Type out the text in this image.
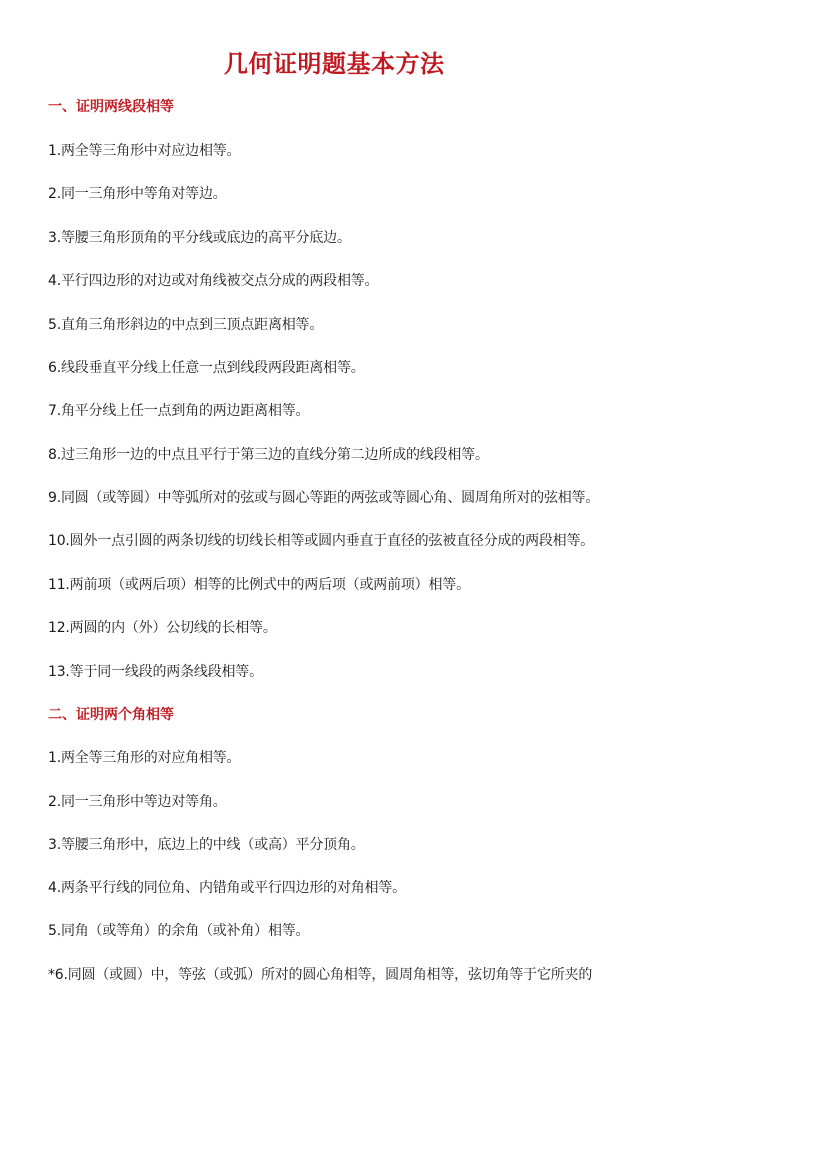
几何证明题基本方法
一、证明两线段相等
1.两全等三角形中对应边相等。
2.同一三角形中等角对等边。
3.等腰三角形顶角的平分线或底边的高平分底边。
4.平行四边形的对边或对角线被交点分成的两段相等。
5.直角三角形斜边的中点到三顶点距离相等。
6.线段垂直平分线上任意一点到线段两段距离相等。
7.角平分线上任一点到角的两边距离相等。
8.过三角形一边的中点且平行于第三边的直线分第二边所成的线段相等。
9.同圆（或等圆）中等弧所对的弦或与圆心等距的两弦或等圆心角、圆周角所对的弦相等。
10.圆外一点引圆的两条切线的切线长相等或圆内垂直于直径的弦被直径分成的两段相等。
11.两前项（或两后项）相等的比例式中的两后项（或两前项）相等。
12.两圆的内（外）公切线的长相等。
13.等于同一线段的两条线段相等。
二、证明两个角相等
1.两全等三角形的对应角相等。
2.同一三角形中等边对等角。
3.等腰三角形中，底边上的中线（或高）平分顶角。
4.两条平行线的同位角、内错角或平行四边形的对角相等。
5.同角（或等角）的余角（或补角）相等。
*6.同圆（或圆）中，等弦（或弧）所对的圆心角相等，圆周角相等，弦切角等于它所夹的
